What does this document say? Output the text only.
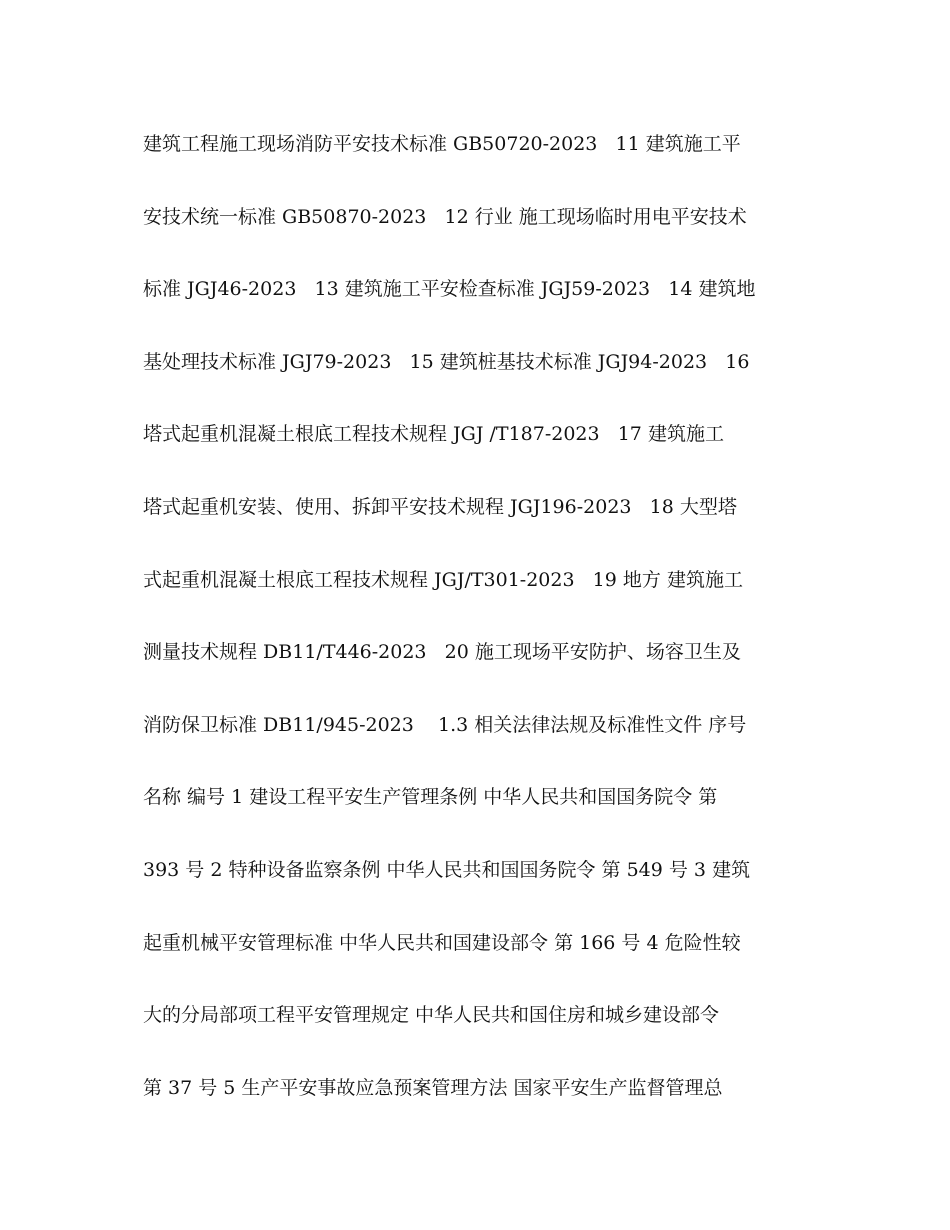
建筑工程施工现场消防平安技术标准 GB50720-2023   11 建筑施工平
安技术统一标准 GB50870-2023   12 行业 施工现场临时用电平安技术
标准 JGJ46-2023   13 建筑施工平安检查标准 JGJ59-2023   14 建筑地
基处理技术标准 JGJ79-2023   15 建筑桩基技术标准 JGJ94-2023   16
塔式起重机混凝土根底工程技术规程 JGJ /T187-2023   17 建筑施工
塔式起重机安装、使用、拆卸平安技术规程 JGJ196-2023   18 大型塔
式起重机混凝土根底工程技术规程 JGJ/T301-2023   19 地方 建筑施工
测量技术规程 DB11/T446-2023   20 施工现场平安防护、场容卫生及
消防保卫标准 DB11/945-2023    1.3 相关法律法规及标准性文件 序号
名称 编号 1 建设工程平安生产管理条例 中华人民共和国国务院令 第
393 号 2 特种设备监察条例 中华人民共和国国务院令 第 549 号 3 建筑
起重机械平安管理标准 中华人民共和国建设部令 第 166 号 4 危险性较
大的分局部项工程平安管理规定 中华人民共和国住房和城乡建设部令
第 37 号 5 生产平安事故应急预案管理方法 国家平安生产监督管理总
